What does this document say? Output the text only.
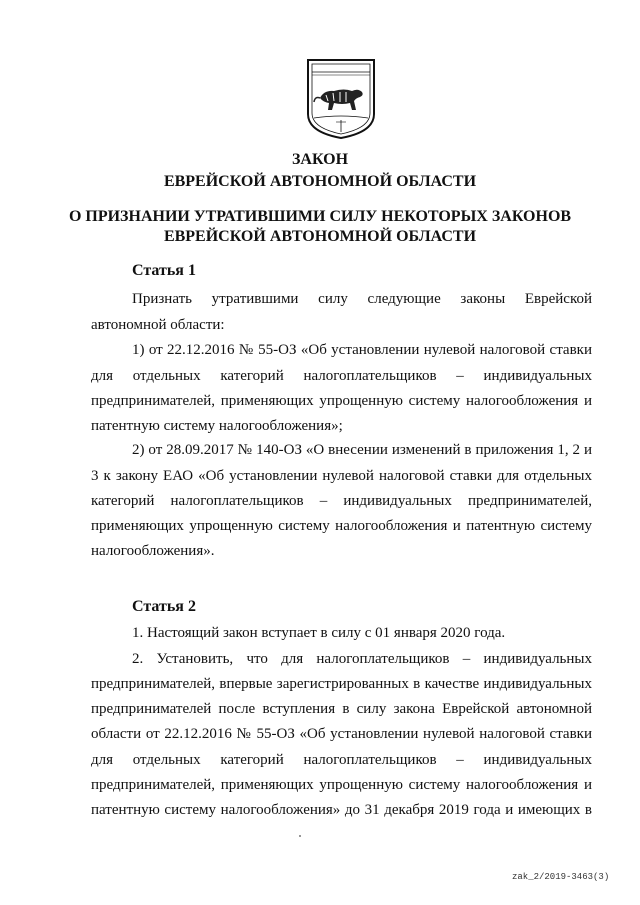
ЗАКОН
ЕВРЕЙСКОЙ АВТОНОМНОЙ ОБЛАСТИ
О ПРИЗНАНИИ УТРАТИВШИМИ СИЛУ НЕКОТОРЫХ ЗАКОНОВ
ЕВРЕЙСКОЙ АВТОНОМНОЙ ОБЛАСТИ
Статья 1
Признать утратившими силу следующие законы Еврейской
автономной области:
1) от 22.12.2016 № 55-ОЗ «Об установлении нулевой налоговой ставки
для отдельных категорий налогоплательщиков – индивидуальных
предпринимателей, применяющих упрощенную систему налогообложения и
патентную систему налогообложения»;
2) от 28.09.2017 № 140-ОЗ «О внесении изменений в приложения 1, 2 и
3 к закону ЕАО «Об установлении нулевой налоговой ставки для отдельных
категорий налогоплательщиков – индивидуальных предпринимателей,
применяющих упрощенную систему налогообложения и патентную систему
налогообложения».
Статья 2
1. Настоящий закон вступает в силу с 01 января 2020 года.
2. Установить, что для налогоплательщиков – индивидуальных
предпринимателей, впервые зарегистрированных в качестве индивидуальных
предпринимателей после вступления в силу закона Еврейской автономной
области от 22.12.2016 № 55-ОЗ «Об установлении нулевой налоговой ставки
для отдельных категорий налогоплательщиков – индивидуальных
предпринимателей, применяющих упрощенную систему налогообложения и
патентную систему налогообложения» до 31 декабря 2019 года и имеющих в
zak_2/2019-3463(3)
